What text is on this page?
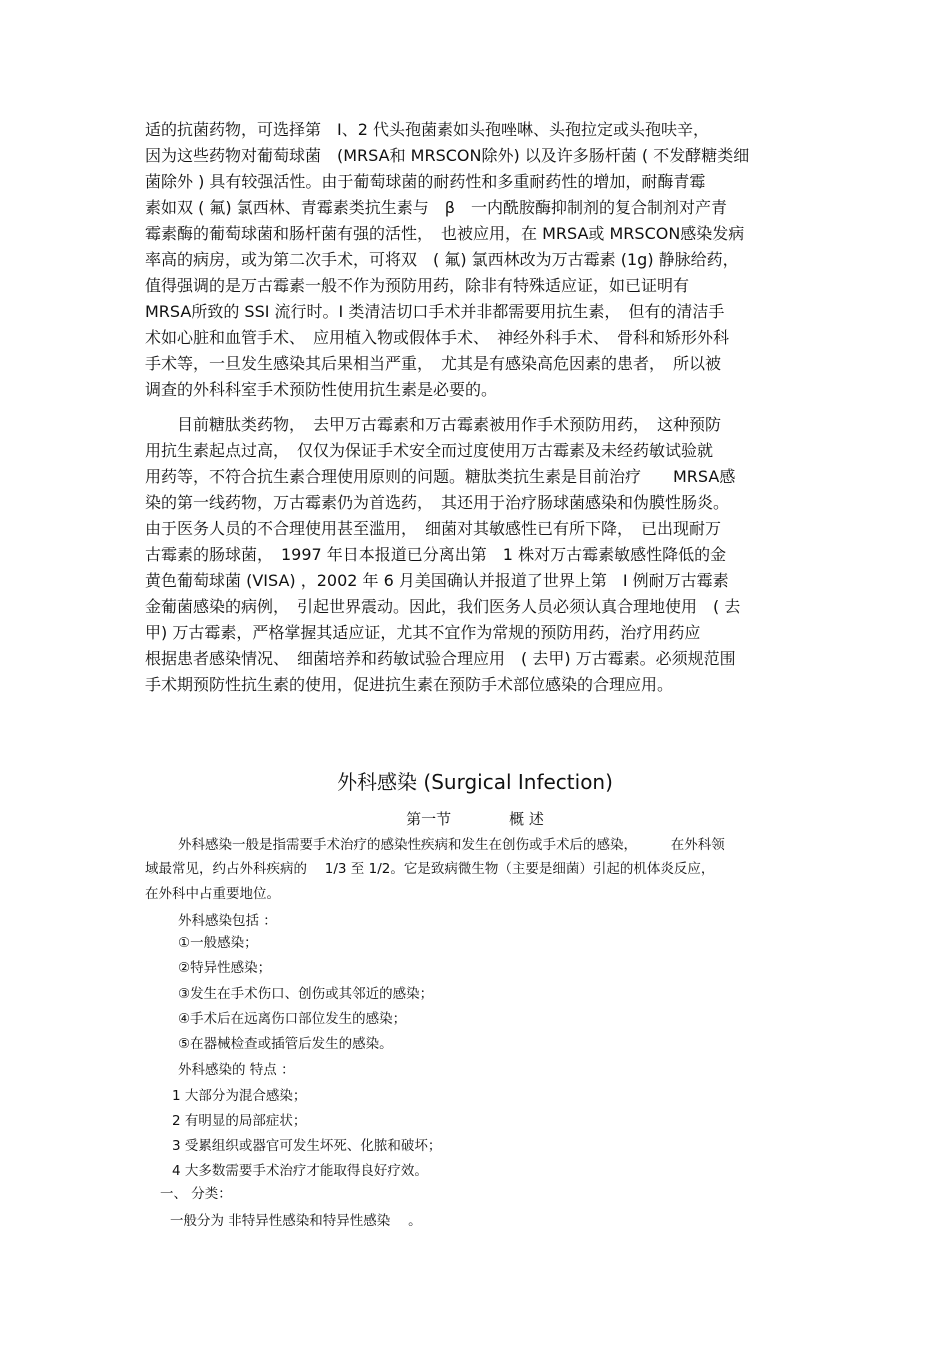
适的抗菌药物，可选择第　Ⅰ、2 代头孢菌素如头孢唑啉、头孢拉定或头孢呋辛，
因为这些药物对葡萄球菌　(MRSA和 MRSCON除外) 以及许多肠杆菌 ( 不发酵糖类细
菌除外 ) 具有较强活性。由于葡萄球菌的耐药性和多重耐药性的增加，耐酶青霉
素如双 ( 氟) 氯西林、青霉素类抗生素与　β　一内酰胺酶抑制剂的复合制剂对产青
霉素酶的葡萄球菌和肠杆菌有强的活性，　也被应用，在 MRSA或 MRSCON感染发病
率高的病房，或为第二次手术，可将双　( 氟) 氯西林改为万古霉素 (1g) 静脉给药，
值得强调的是万古霉素一般不作为预防用药，除非有特殊适应证，如已证明有
MRSA所致的 SSI 流行时。Ⅰ 类清洁切口手术并非都需要用抗生素，　但有的清洁手
术如心脏和血管手术、　应用植入物或假体手术、　神经外科手术、　骨科和矫形外科
手术等，一旦发生感染其后果相当严重，　尤其是有感染高危因素的患者，　所以被
调查的外科科室手术预防性使用抗生素是必要的。
　　目前糖肽类药物，　去甲万古霉素和万古霉素被用作手术预防用药，　这种预防
用抗生素起点过高，　仅仅为保证手术安全而过度使用万古霉素及未经药敏试验就
用药等，不符合抗生素合理使用原则的问题。糖肽类抗生素是目前治疗　　MRSA感
染的第一线药物，万古霉素仍为首选药，　其还用于治疗肠球菌感染和伪膜性肠炎。
由于医务人员的不合理使用甚至滥用，　细菌对其敏感性已有所下降，　已出现耐万
古霉素的肠球菌，　1997 年日本报道已分离出第　1 株对万古霉素敏感性降低的金
黄色葡萄球菌 (VISA) ，2002 年 6 月美国确认并报道了世界上第　Ⅰ 例耐万古霉素
金葡菌感染的病例，　引起世界震动。因此，我们医务人员必须认真合理地使用　( 去
甲) 万古霉素，严格掌握其适应证，尤其不宜作为常规的预防用药，治疗用药应
根据患者感染情况、　细菌培养和药敏试验合理应用　( 去甲) 万古霉素。必须规范围
手术期预防性抗生素的使用，促进抗生素在预防手术部位感染的合理应用。
外科感染 (Surgical Infection)
第一节	概 述
外科感染一般是指需要手术治疗的感染性疾病和发生在创伤或手术后的感染，　　　在外科领
域最常见，约占外科疾病的　 1/3 至 1/2。它是致病微生物（主要是细菌）引起的机体炎反应，
在外科中占重要地位。
外科感染包括 ：
①一般感染；
②特异性感染；
③发生在手术伤口、创伤或其邻近的感染；
④手术后在远离伤口部位发生的感染；
⑤在器械检查或插管后发生的感染。
外科感染的 特点 ：
1 大部分为混合感染；
2 有明显的局部症状；
3 受累组织或器官可发生坏死、化脓和破坏；
4 大多数需要手术治疗才能取得良好疗效。
一、 分类：
一般分为 非特异性感染和特异性感染　 。
